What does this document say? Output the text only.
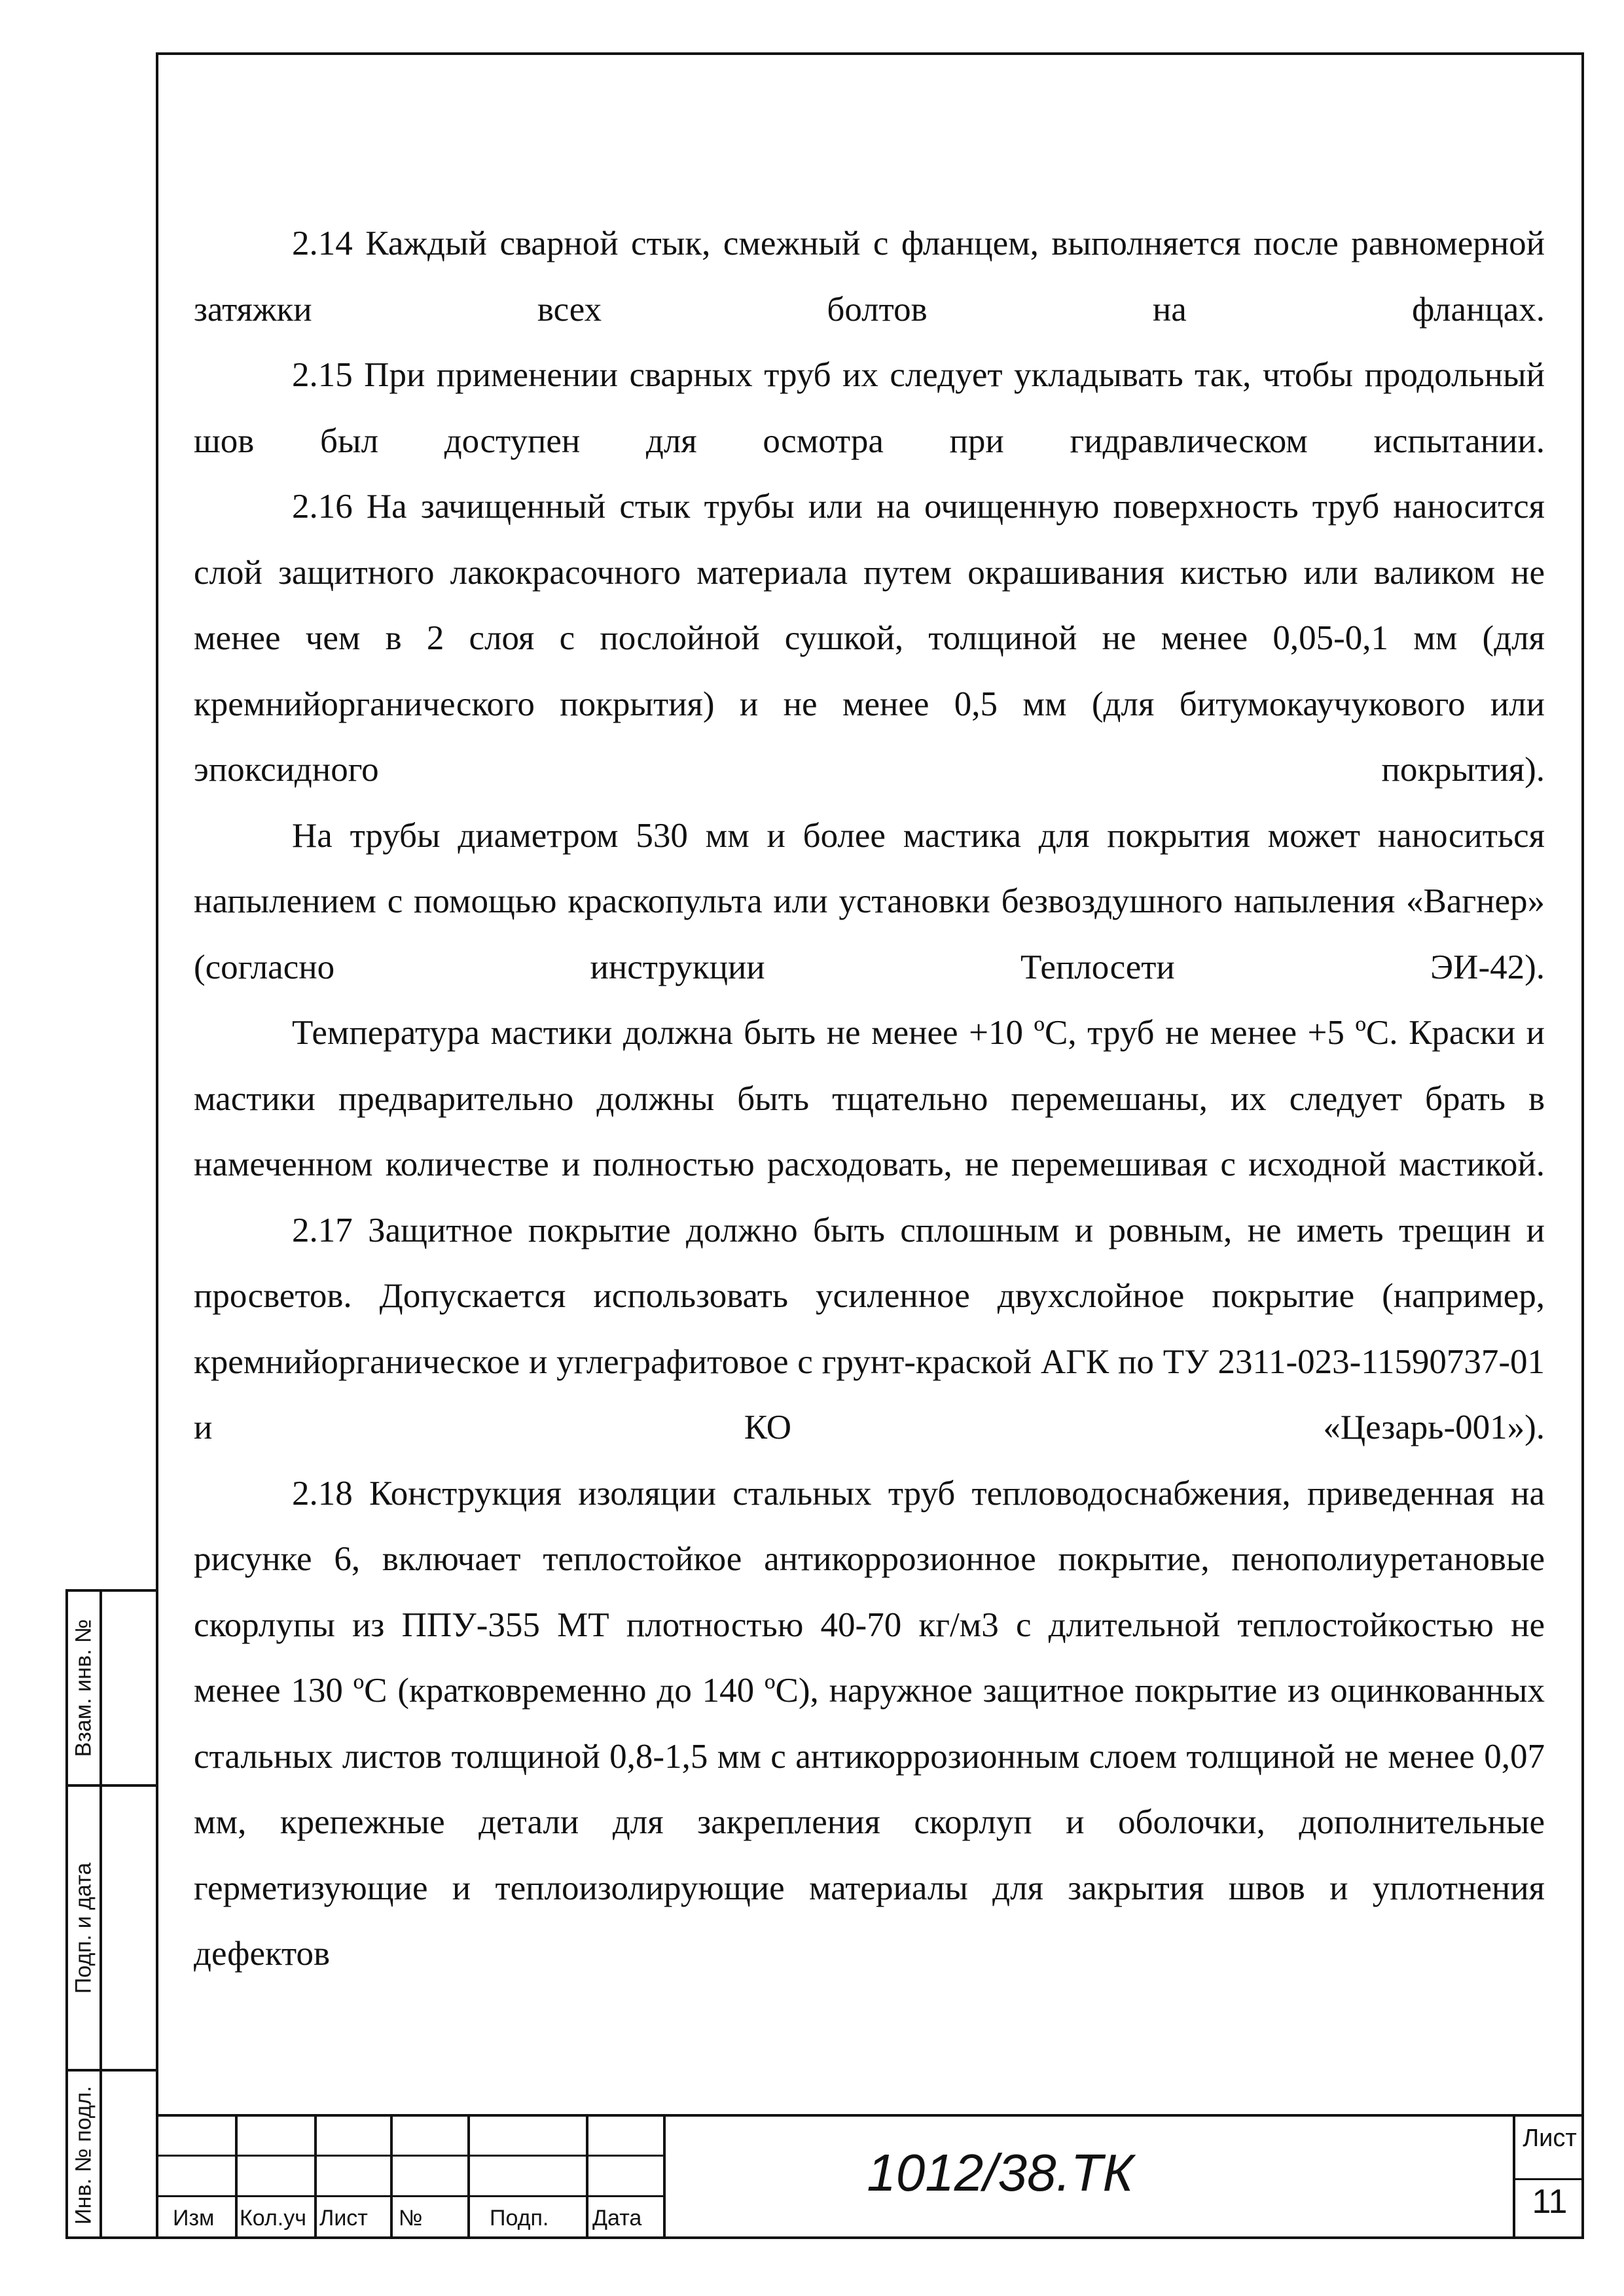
2.14 Каждый сварной стык, смежный с фланцем, выполняется после равномерной затяжки всех болтов на фланцах.

2.15 При применении сварных труб их следует укладывать так, чтобы продольный шов был доступен для осмотра при гидравлическом испытании.

2.16 На зачищенный стык трубы или на очищенную поверхность труб наносится слой защитного лакокрасочного материала путем окрашивания кистью или валиком не менее чем в 2 слоя с послойной сушкой, толщиной не менее 0,05-0,1 мм (для кремнийорганического покрытия) и не менее 0,5 мм (для битумокаучукового или эпоксидного покрытия).

На трубы диаметром 530 мм и более мастика для покрытия может наноситься напылением с помощью краскопульта или установки безвоздушного напыления «Вагнер» (согласно инструкции Теплосети ЭИ-42).

Температура мастики должна быть не менее +10 ºС, труб не менее +5 ºС. Краски и мастики предварительно должны быть тщательно перемешаны, их следует брать в намеченном количестве и полностью расходовать, не перемешивая с исходной мастикой.

2.17 Защитное покрытие должно быть сплошным и ровным, не иметь трещин и просветов. Допускается использовать усиленное двухслойное покрытие (например, кремнийорганическое и углеграфитовое с грунт-краской АГК по ТУ 2311-023-11590737-01 и КО «Цезарь-001»).

2.18 Конструкция изоляции стальных труб тепловодоснабжения, приведенная на рисунке 6, включает теплостойкое антикоррозионное покрытие, пенополиуретановые скорлупы из ППУ-355 МТ плотностью 40-70 кг/м3 с длительной теплостойкостью не менее 130 ºС (кратковременно до 140 ºС), наружное защитное покрытие из оцинкованных стальных листов толщиной 0,8-1,5 мм с антикоррозионным слоем толщиной не менее 0,07 мм, крепежные детали для закрепления скорлуп и оболочки, дополнительные герметизующие и теплоизолирующие материалы для закрытия швов и уплотнения дефектов

Взам. инв. №
Подп. и дата
Инв. № подл.	Изм Кол.уч Лист №	Подп. Дата
1012/38.ТК
Лист
11
